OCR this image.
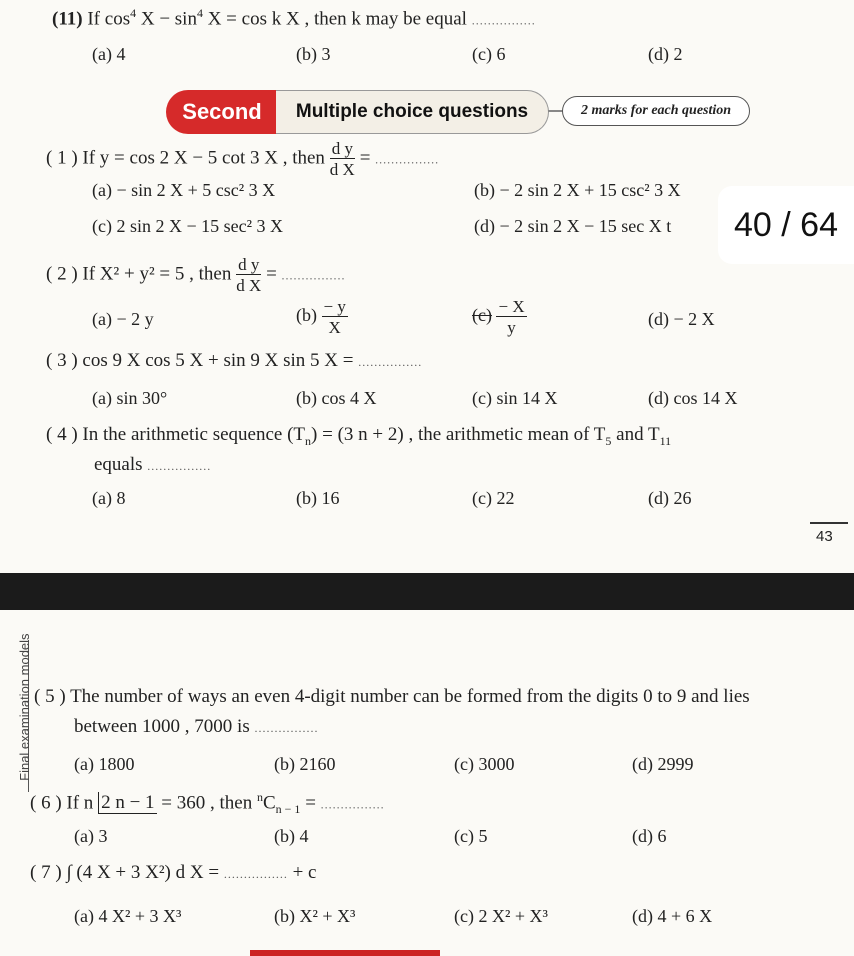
(11) If $\cos^4 X - \sin^4 X = \cos k$ X , then k may be equal ................
(a) 4	(b) 3	(c) 6	(d) 2
Second	Multiple choice questions	2 marks for each question
( 1 ) If y = cos 2 X − 5 cot 3 X , then $\frac{\text{d y}}{\text{d X}}$ = ................
(a) − sin 2 X + 5 csc² 3 X	(b) − 2 sin 2 X + 15 csc² 3 X
(c) 2 sin 2 X − 15 sec² 3 X	(d) − 2 sin 2 X − 15 sec X t	40 / 64
( 2 ) If X² + y² = 5 , then $\frac{\text{d y}}{\text{d X}}$ = ................
(a) − 2 y	$(b) \frac{- y}{X}$	$(c) \frac{- X}{y}$	(d) − 2 X
( 3 ) cos 9 X cos 5 X + sin 9 X sin 5 X = ................
(a) sin 30°	(b) cos 4 X	(c) sin 14 X	(d) cos 14 X
( 4 ) In the arithmetic sequence $(T_n) = (3$ n + 2) , the arithmetic mean of $T_5$ and $T_{11}$
equals ................
(a) 8	(b) 16	(c) 22	(d) 26
43
Final examination models ( 5 ) The number of ways an even 4-digit number can be formed from the digits 0 to 9 and lies
between 1000 , 7000 is ................
(a) 1800	(b) 2160	(c) 3000	(d) 2999
( 6 ) If n 2 n − 1 = 360 , then $^nC_{n - 1}$ = ................
(a) 3	(b) 4	(c) 5	(d) 6
( 7 ) ∫ (4 X + 3 X²) d X = ................ + c
(a) 4 X² + 3 X³	(b) X² + X³	(c) 2 X² + X³	(d) 4 + 6 X
